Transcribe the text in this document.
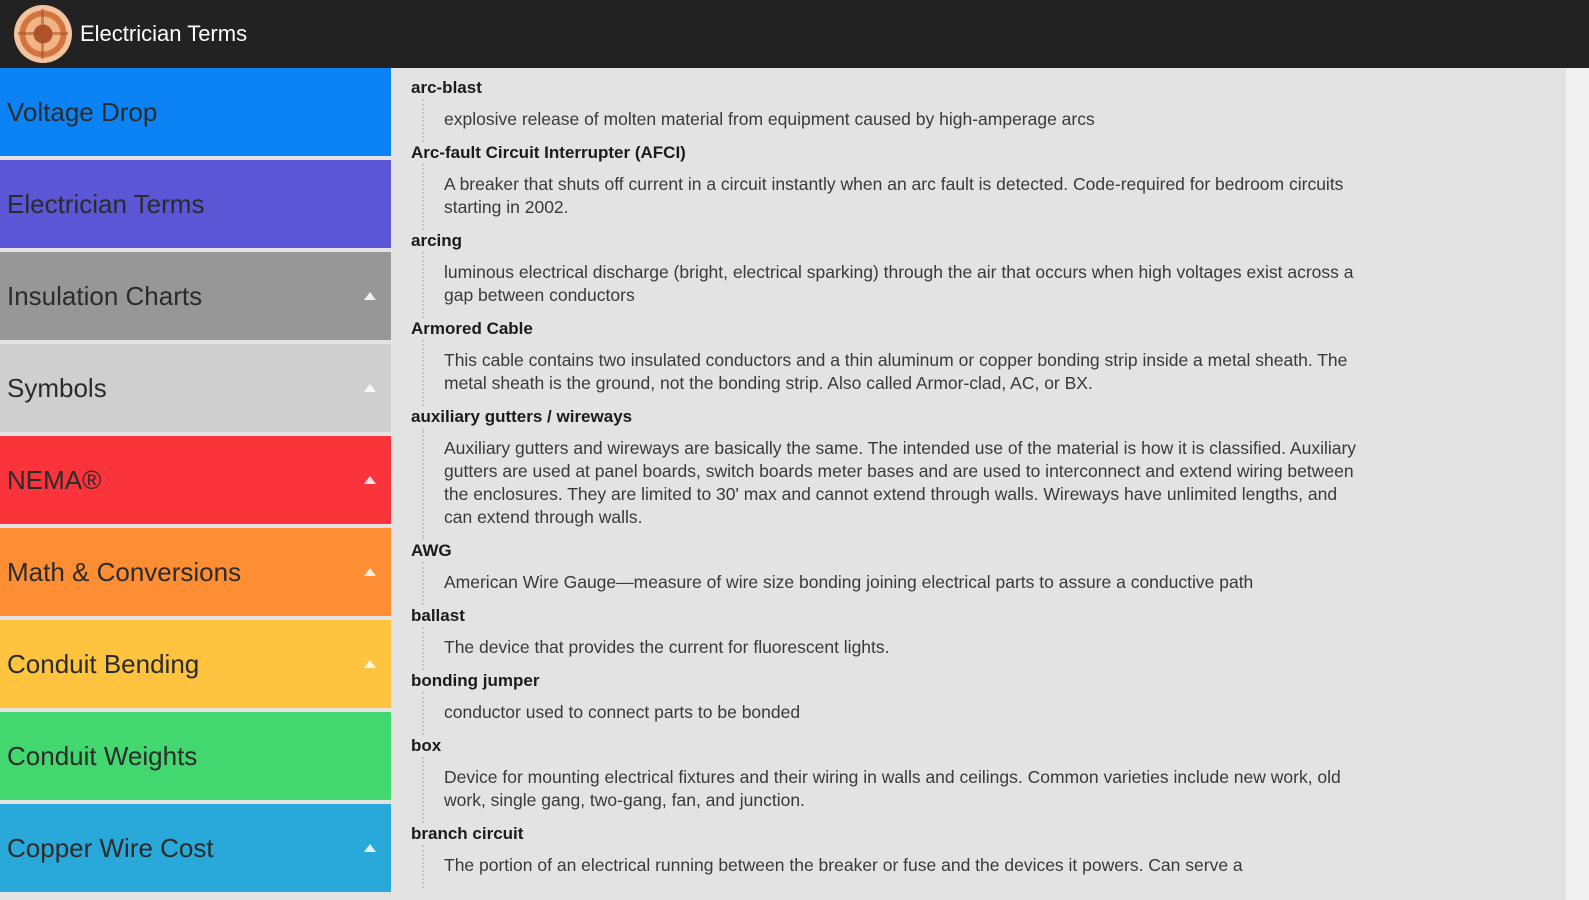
Electrician Terms
Voltage Drop
Electrician Terms
Insulation Charts
Symbols
NEMA®
Math & Conversions
Conduit Bending
Conduit Weights
Copper Wire Cost
arc-blast
explosive release of molten material from equipment caused by high-amperage arcs
Arc-fault Circuit Interrupter (AFCI)
A breaker that shuts off current in a circuit instantly when an arc fault is detected. Code-required for bedroom circuits starting in 2002.
arcing
luminous electrical discharge (bright, electrical sparking) through the air that occurs when high voltages exist across a gap between conductors
Armored Cable
This cable contains two insulated conductors and a thin aluminum or copper bonding strip inside a metal sheath. The metal sheath is the ground, not the bonding strip. Also called Armor-clad, AC, or BX.
auxiliary gutters / wireways
Auxiliary gutters and wireways are basically the same. The intended use of the material is how it is classified. Auxiliary gutters are used at panel boards, switch boards meter bases and are used to interconnect and extend wiring between the enclosures. They are limited to 30' max and cannot extend through walls. Wireways have unlimited lengths, and can extend through walls.
AWG
American Wire Gauge—measure of wire size bonding joining electrical parts to assure a conductive path
ballast
The device that provides the current for fluorescent lights.
bonding jumper
conductor used to connect parts to be bonded
box
Device for mounting electrical fixtures and their wiring in walls and ceilings. Common varieties include new work, old work, single gang, two-gang, fan, and junction.
branch circuit
The portion of an electrical running between the breaker or fuse and the devices it powers. Can serve a
